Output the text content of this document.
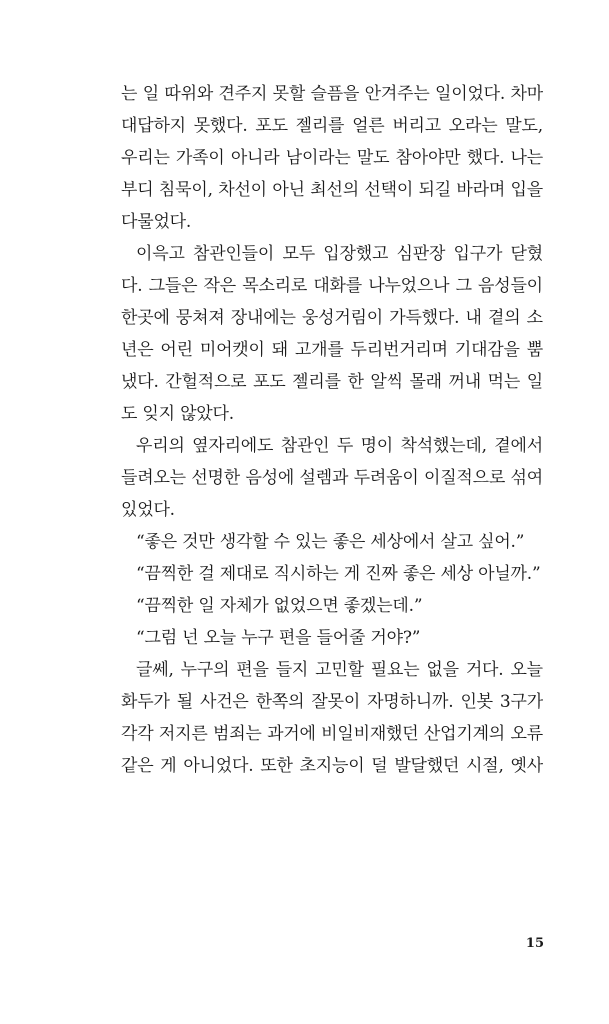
는 일 따위와 견주지 못할 슬픔을 안겨주는 일이었다. 차마
대답하지 못했다. 포도 젤리를 얼른 버리고 오라는 말도,
우리는 가족이 아니라 남이라는 말도 참아야만 했다. 나는
부디 침묵이, 차선이 아닌 최선의 선택이 되길 바라며 입을
다물었다.
이윽고 참관인들이 모두 입장했고 심판장 입구가 닫혔
다. 그들은 작은 목소리로 대화를 나누었으나 그 음성들이
한곳에 뭉쳐져 장내에는 웅성거림이 가득했다. 내 곁의 소
년은 어린 미어캣이 돼 고개를 두리번거리며 기대감을 뿜
냈다. 간헐적으로 포도 젤리를 한 알씩 몰래 꺼내 먹는 일
도 잊지 않았다.
우리의 옆자리에도 참관인 두 명이 착석했는데, 곁에서
들려오는 선명한 음성에 설렘과 두려움이 이질적으로 섞여
있었다.
“좋은 것만 생각할 수 있는 좋은 세상에서 살고 싶어.”
“끔찍한 걸 제대로 직시하는 게 진짜 좋은 세상 아닐까.”
“끔찍한 일 자체가 없었으면 좋겠는데.”
“그럼 넌 오늘 누구 편을 들어줄 거야?”
글쎄, 누구의 편을 들지 고민할 필요는 없을 거다. 오늘
화두가 될 사건은 한쪽의 잘못이 자명하니까. 인봇 3구가
각각 저지른 범죄는 과거에 비일비재했던 산업기계의 오류
같은 게 아니었다. 또한 초지능이 덜 발달했던 시절, 옛사
15
